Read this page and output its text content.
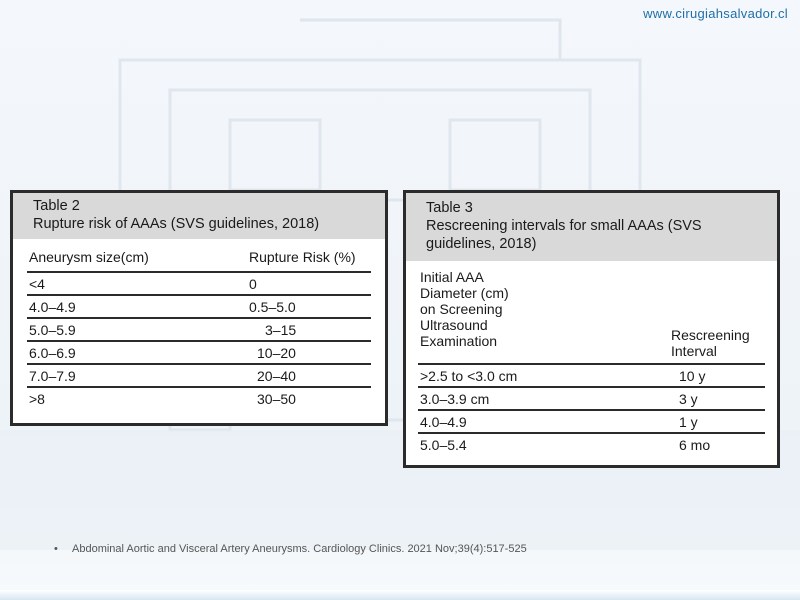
www.cirugiahsalvador.cl
Table 2
Rupture risk of AAAs (SVS guidelines, 2018)
Aneurysm size(cm)	Rupture Risk (%)
<4	0
4.0–4.9	0.5–5.0
5.0–5.9	3–15
6.0–6.9	10–20
7.0–7.9	20–40
>8	30–50
Table 3
Rescreening intervals for small AAAs (SVS
guidelines, 2018)
Initial AAA
Diameter (cm)
on Screening
Ultrasound
Examination	Rescreening
Interval
>2.5 to <3.0 cm	10 y
3.0–3.9 cm	3 y
4.0–4.9	1 y
5.0–5.4	6 mo
• Abdominal Aortic and Visceral Artery Aneurysms. Cardiology Clinics. 2021 Nov;39(4):517-525
